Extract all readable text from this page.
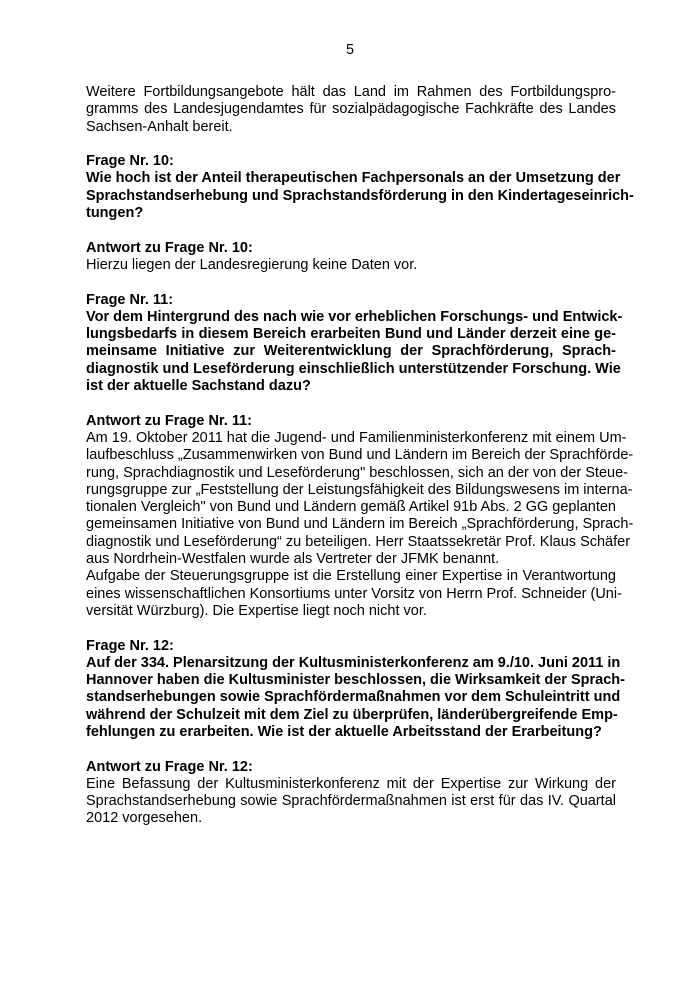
5
Weitere Fortbildungsangebote hält das Land im Rahmen des Fortbildungspro-
gramms des Landesjugendamtes für sozialpädagogische Fachkräfte des Landes
Sachsen-Anhalt bereit.
Frage Nr. 10:
Wie hoch ist der Anteil therapeutischen Fachpersonals an der Umsetzung der
Sprachstandserhebung und Sprachstandsförderung in den Kindertageseinrich-
tungen?
Antwort zu Frage Nr. 10:
Hierzu liegen der Landesregierung keine Daten vor.
Frage Nr. 11:
Vor dem Hintergrund des nach wie vor erheblichen Forschungs- und Entwick-
lungsbedarfs in diesem Bereich erarbeiten Bund und Länder derzeit eine ge-
meinsame Initiative zur Weiterentwicklung der Sprachförderung, Sprach-
diagnostik und Leseförderung einschließlich unterstützender Forschung. Wie
ist der aktuelle Sachstand dazu?
Antwort zu Frage Nr. 11:
Am 19. Oktober 2011 hat die Jugend- und Familienministerkonferenz mit einem Um-
laufbeschluss „Zusammenwirken von Bund und Ländern im Bereich der Sprachförde-
rung, Sprachdiagnostik und Leseförderung" beschlossen, sich an der von der Steue-
rungsgruppe zur „Feststellung der Leistungsfähigkeit des Bildungswesens im interna-
tionalen Vergleich" von Bund und Ländern gemäß Artikel 91b Abs. 2 GG geplanten
gemeinsamen Initiative von Bund und Ländern im Bereich „Sprachförderung, Sprach-
diagnostik und Leseförderung“ zu beteiligen. Herr Staatssekretär Prof. Klaus Schäfer
aus Nordrhein-Westfalen wurde als Vertreter der JFMK benannt.
Aufgabe der Steuerungsgruppe ist die Erstellung einer Expertise in Verantwortung
eines wissenschaftlichen Konsortiums unter Vorsitz von Herrn Prof. Schneider (Uni-
versität Würzburg). Die Expertise liegt noch nicht vor.
Frage Nr. 12:
Auf der 334. Plenarsitzung der Kultusministerkonferenz am 9./10. Juni 2011 in
Hannover haben die Kultusminister beschlossen, die Wirksamkeit der Sprach-
standserhebungen sowie Sprachfördermaßnahmen vor dem Schuleintritt und
während der Schulzeit mit dem Ziel zu überprüfen, länderübergreifende Emp-
fehlungen zu erarbeiten. Wie ist der aktuelle Arbeitsstand der Erarbeitung?
Antwort zu Frage Nr. 12:
Eine Befassung der Kultusministerkonferenz mit der Expertise zur Wirkung der
Sprachstandserhebung sowie Sprachfördermaßnahmen ist erst für das IV. Quartal
2012 vorgesehen.
